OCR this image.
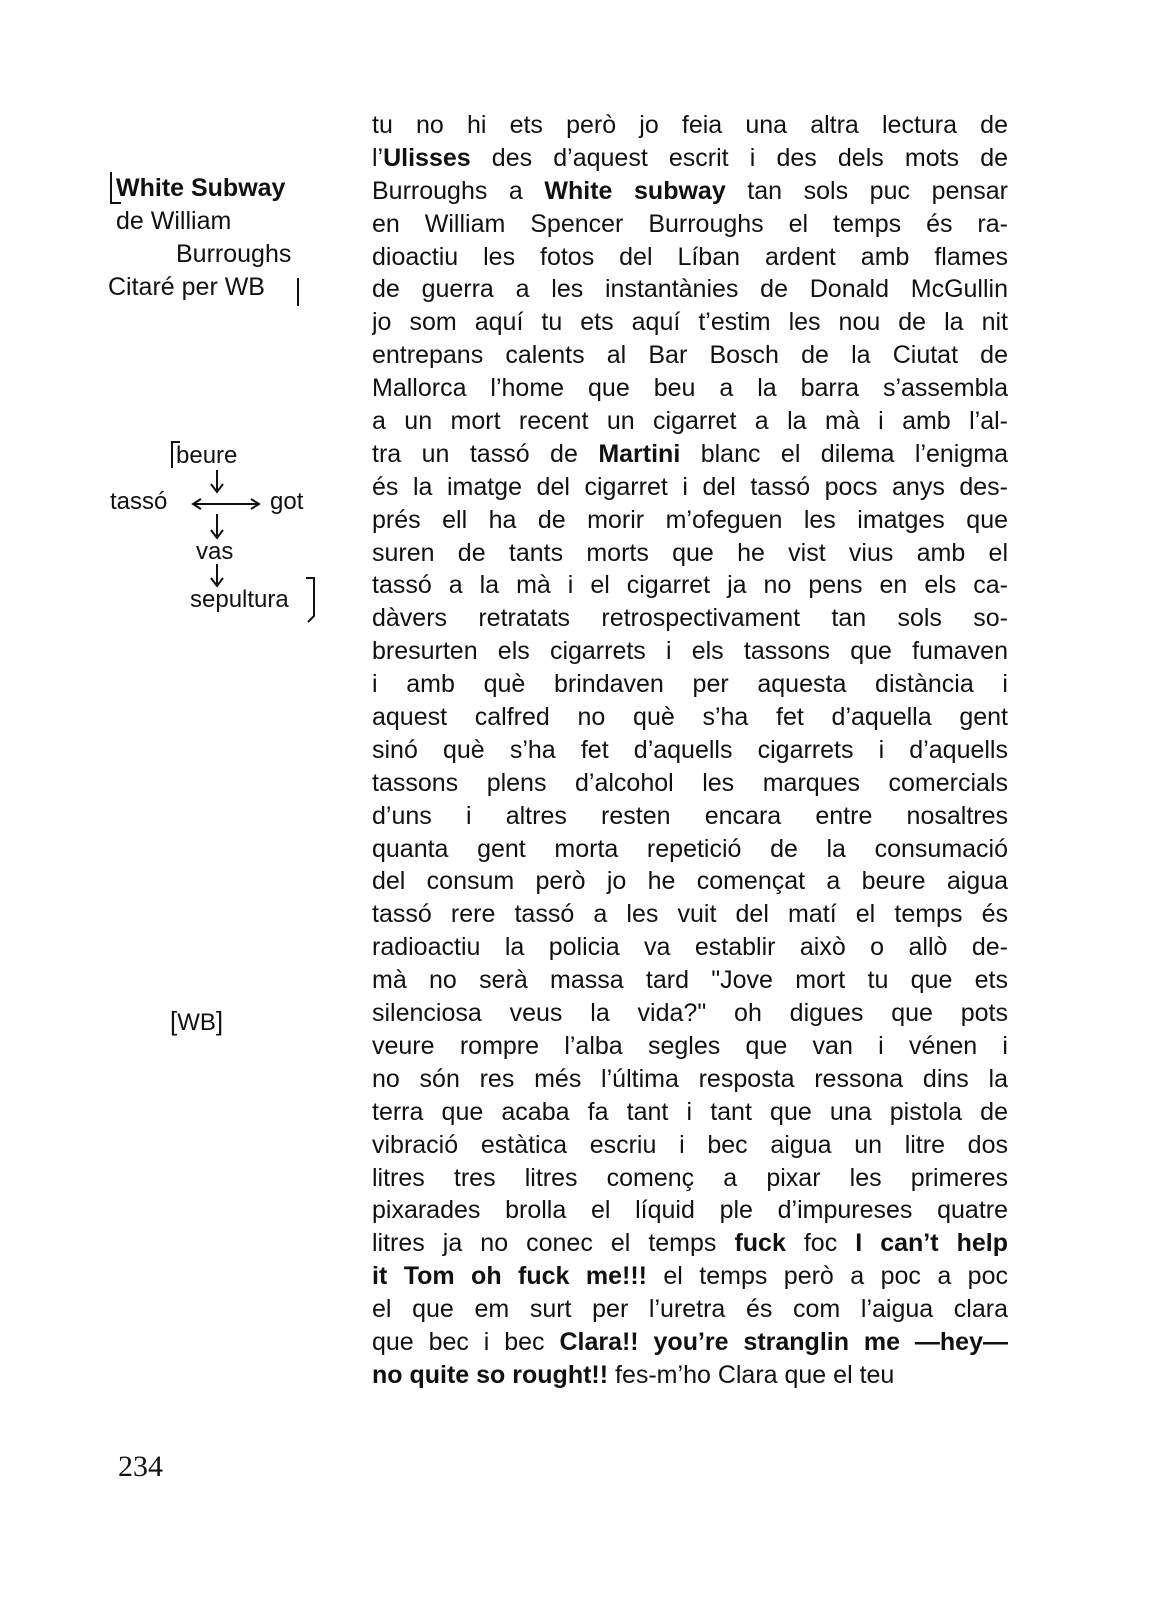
White Subway
de William
Burroughs
Citaré per WB
beure
tassó	got
vas
sepultura
[WB]
tu no hi ets però jo feia una altra lectura de
l’Ulisses des d’aquest escrit i des dels mots de
Burroughs a White subway tan sols puc pensar
en William Spencer Burroughs el temps és ra-
dioactiu les fotos del Líban ardent amb flames
de guerra a les instantànies de Donald McGullin
jo som aquí tu ets aquí t’estim les nou de la nit
entrepans calents al Bar Bosch de la Ciutat de
Mallorca l’home que beu a la barra s’assembla
a un mort recent un cigarret a la mà i amb l’al-
tra un tassó de Martini blanc el dilema l’enigma
és la imatge del cigarret i del tassó pocs anys des-
prés ell ha de morir m’ofeguen les imatges que
suren de tants morts que he vist vius amb el
tassó a la mà i el cigarret ja no pens en els ca-
dàvers retratats retrospectivament tan sols so-
bresurten els cigarrets i els tassons que fumaven
i amb què brindaven per aquesta distància i
aquest calfred no què s’ha fet d’aquella gent
sinó què s’ha fet d’aquells cigarrets i d’aquells
tassons plens d’alcohol les marques comercials
d’uns i altres resten encara entre nosaltres
quanta gent morta repetició de la consumació
del consum però jo he començat a beure aigua
tassó rere tassó a les vuit del matí el temps és
radioactiu la policia va establir això o allò de-
mà no serà massa tard "Jove mort tu que ets
silenciosa veus la vida?" oh digues que pots
veure rompre l’alba segles que van i vénen i
no són res més l’última resposta ressona dins la
terra que acaba fa tant i tant que una pistola de
vibració estàtica escriu i bec aigua un litre dos
litres tres litres començ a pixar les primeres
pixarades brolla el líquid ple d’impureses quatre
litres ja no conec el temps fuck foc I can’t help
it Tom oh fuck me!!! el temps però a poc a poc
el que em surt per l’uretra és com l’aigua clara
que bec i bec Clara!! you’re stranglin me —hey—
no quite so rought!! fes-m’ho Clara que el teu
234
